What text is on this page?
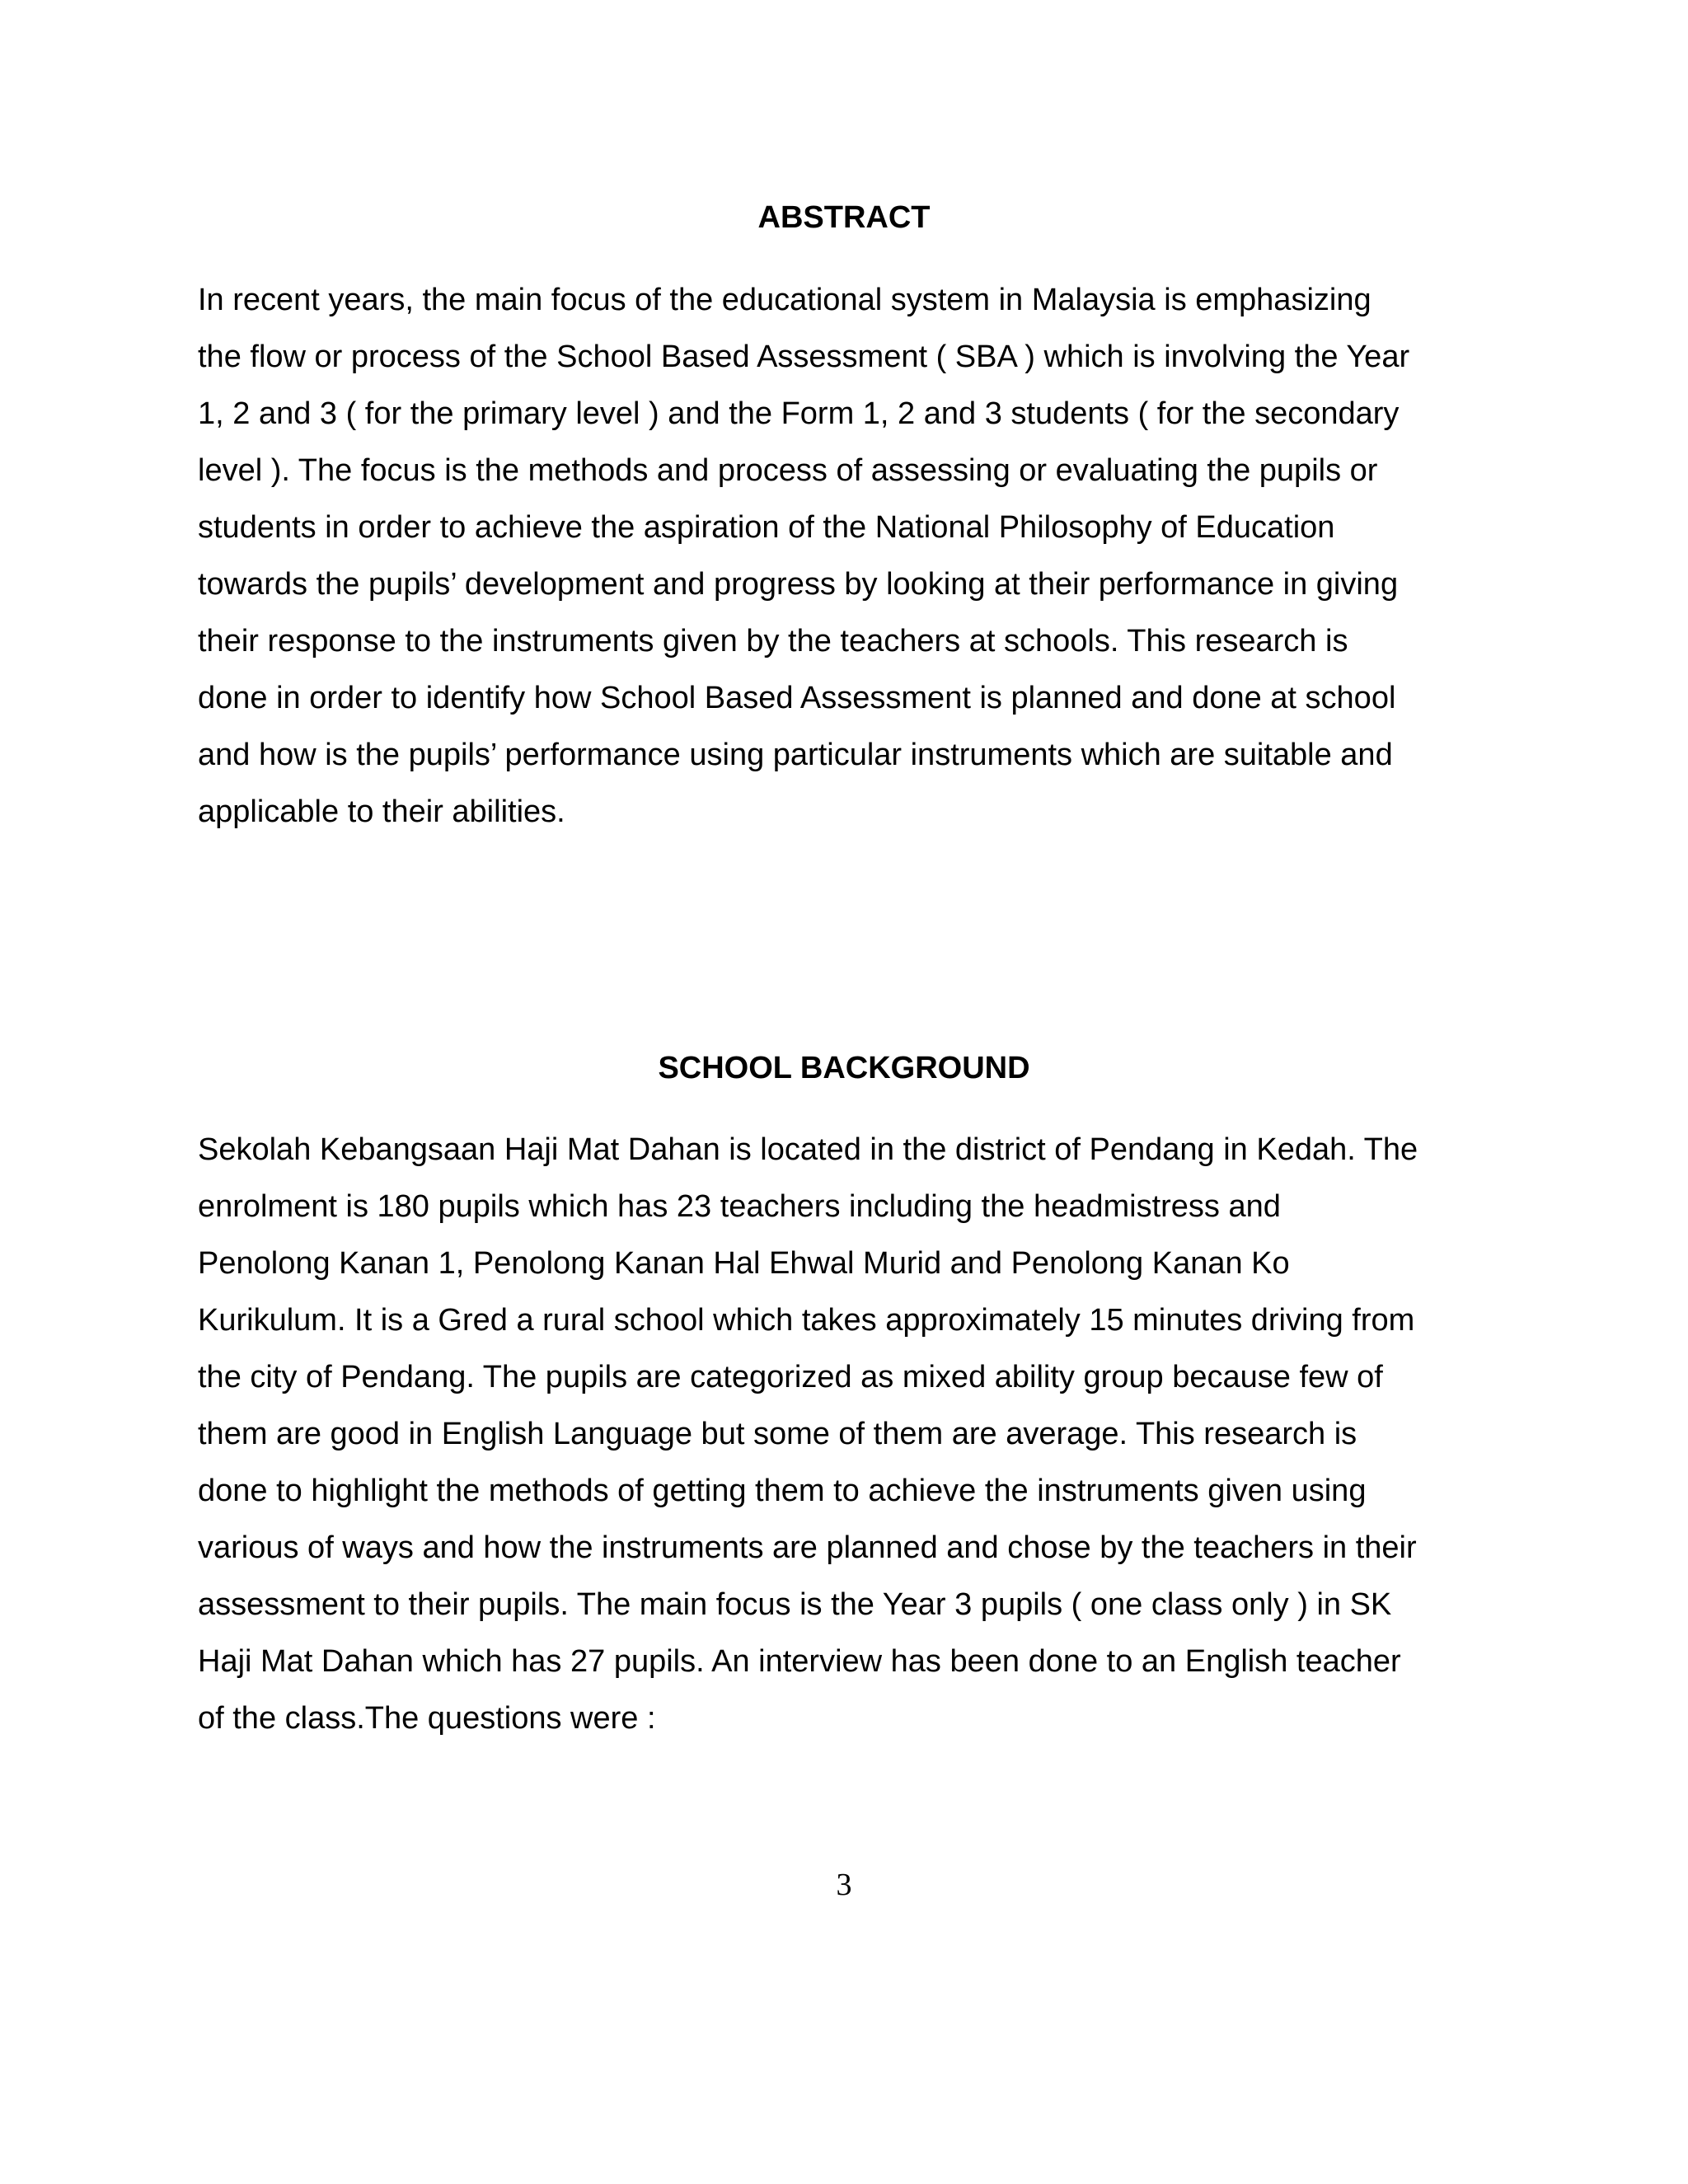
ABSTRACT
In recent years, the main focus of the educational system in Malaysia is emphasizing
the flow or process of the School Based Assessment ( SBA ) which is involving the Year
1, 2 and 3 ( for the primary level ) and the Form 1, 2 and 3 students ( for the secondary
level ). The focus is the methods and process of assessing or evaluating the pupils or
students in order to achieve the aspiration of the National Philosophy of Education
towards the pupils’ development and progress by looking at their performance in giving
their response to the instruments given by the teachers at schools. This research is
done in order to identify how School Based Assessment is planned and done at school
and how is the pupils’ performance using particular instruments which are suitable and
applicable to their abilities.
SCHOOL BACKGROUND
Sekolah Kebangsaan Haji Mat Dahan is located in the district of Pendang in Kedah. The
enrolment is 180 pupils which has 23 teachers including the headmistress and
Penolong Kanan 1, Penolong Kanan Hal Ehwal Murid and Penolong Kanan Ko
Kurikulum. It is a Gred a rural school which takes approximately 15 minutes driving from
the city of Pendang. The pupils are categorized as mixed ability group because few of
them are good in English Language but some of them are average. This research is
done to highlight the methods of getting them to achieve the instruments given using
various of ways and how the instruments are planned and chose by the teachers in their
assessment to their pupils. The main focus is the Year 3 pupils ( one class only ) in SK
Haji Mat Dahan which has 27 pupils. An interview has been done to an English teacher
of the class.The questions were :
3
